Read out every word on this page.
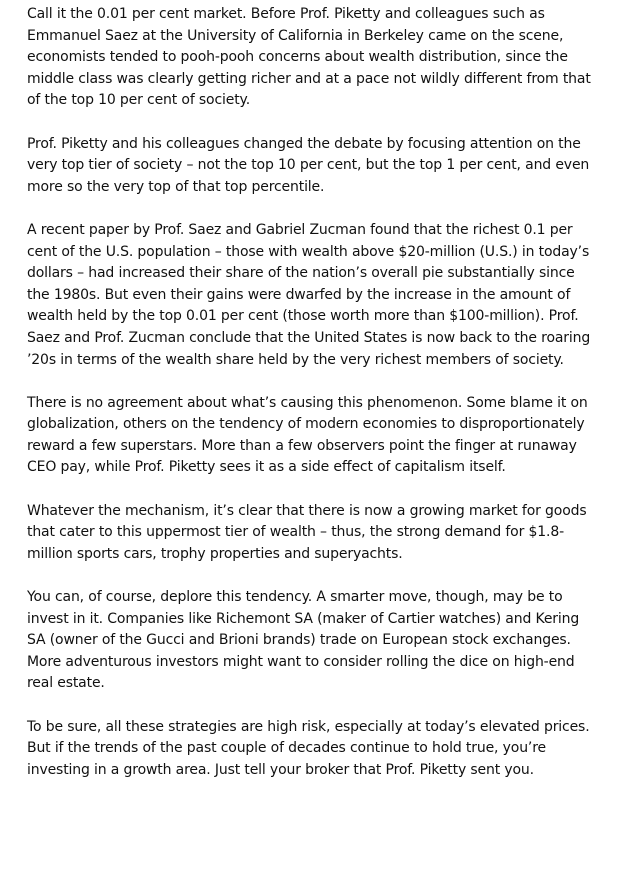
Call it the 0.01 per cent market. Before Prof. Piketty and colleagues such as Emmanuel Saez at the University of California in Berkeley came on the scene, economists tended to pooh-pooh concerns about wealth distribution, since the middle class was clearly getting richer and at a pace not wildly different from that of the top 10 per cent of society.

Prof. Piketty and his colleagues changed the debate by focusing attention on the very top tier of society – not the top 10 per cent, but the top 1 per cent, and even more so the very top of that top percentile.

A recent paper by Prof. Saez and Gabriel Zucman found that the richest 0.1 per cent of the U.S. population – those with wealth above $20-million (U.S.) in today’s dollars – had increased their share of the nation’s overall pie substantially since the 1980s. But even their gains were dwarfed by the increase in the amount of wealth held by the top 0.01 per cent (those worth more than $100-million). Prof. Saez and Prof. Zucman conclude that the United States is now back to the roaring ’20s in terms of the wealth share held by the very richest members of society.

There is no agreement about what’s causing this phenomenon. Some blame it on globalization, others on the tendency of modern economies to disproportionately reward a few superstars. More than a few observers point the finger at runaway CEO pay, while Prof. Piketty sees it as a side effect of capitalism itself.

Whatever the mechanism, it’s clear that there is now a growing market for goods that cater to this uppermost tier of wealth – thus, the strong demand for $1.8-million sports cars, trophy properties and superyachts.

You can, of course, deplore this tendency. A smarter move, though, may be to invest in it. Companies like Richemont SA (maker of Cartier watches) and Kering SA (owner of the Gucci and Brioni brands) trade on European stock exchanges. More adventurous investors might want to consider rolling the dice on high-end real estate.

To be sure, all these strategies are high risk, especially at today’s elevated prices. But if the trends of the past couple of decades continue to hold true, you’re investing in a growth area. Just tell your broker that Prof. Piketty sent you.
